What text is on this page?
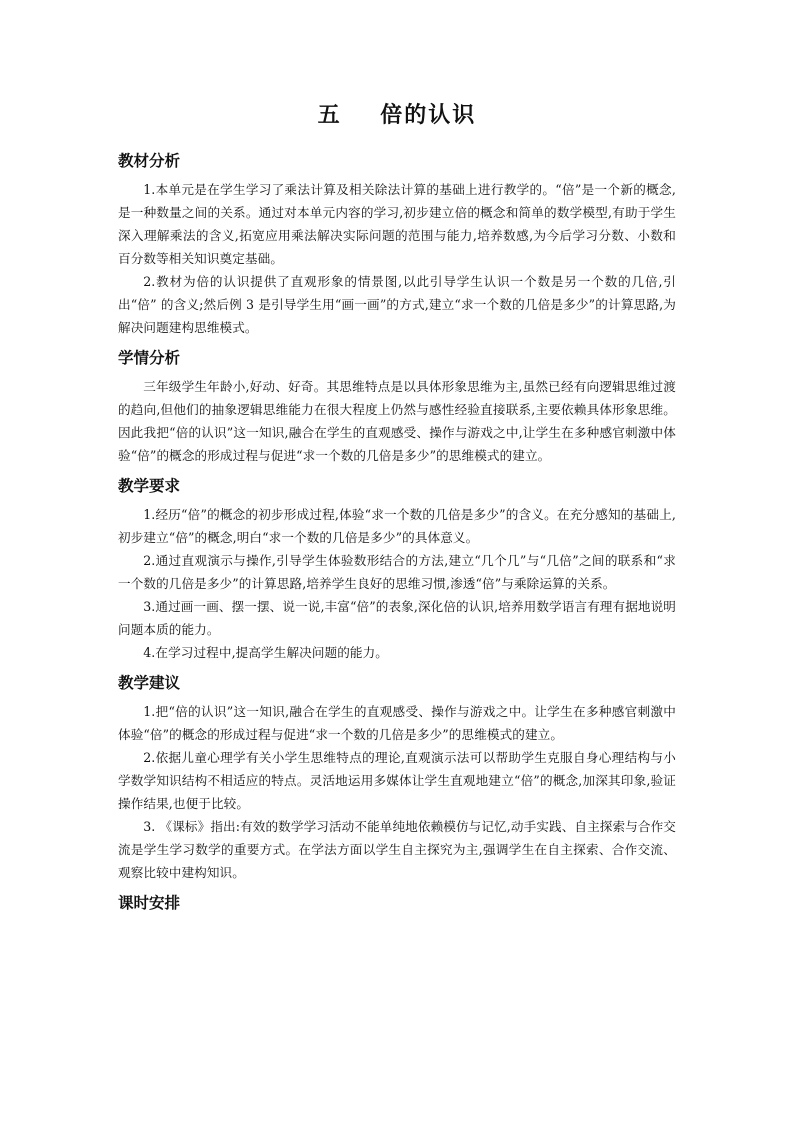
五    倍的认识
教材分析

1.本单元是在学生学习了乘法计算及相关除法计算的基础上进行教学的。“倍”是一个新的概念,是一种数量之间的关系。通过对本单元内容的学习,初步建立倍的概念和简单的数学模型,有助于学生深入理解乘法的含义,拓宽应用乘法解决实际问题的范围与能力,培养数感,为今后学习分数、小数和百分数等相关知识奠定基础。

2.教材为倍的认识提供了直观形象的情景图,以此引导学生认识一个数是另一个数的几倍,引出“倍” 的含义;然后例 3 是引导学生用“画一画”的方式,建立“求一个数的几倍是多少”的计算思路,为解决问题建构思维模式。

学情分析

三年级学生年龄小,好动、好奇。其思维特点是以具体形象思维为主,虽然已经有向逻辑思维过渡的趋向,但他们的抽象逻辑思维能力在很大程度上仍然与感性经验直接联系,主要依赖具体形象思维。因此我把“倍的认识”这一知识,融合在学生的直观感受、操作与游戏之中,让学生在多种感官刺激中体验“倍”的概念的形成过程与促进“求一个数的几倍是多少”的思维模式的建立。

教学要求

1.经历“倍”的概念的初步形成过程,体验“求一个数的几倍是多少”的含义。在充分感知的基础上,初步建立“倍”的概念,明白“求一个数的几倍是多少”的具体意义。

2.通过直观演示与操作,引导学生体验数形结合的方法,建立“几个几”与“几倍”之间的联系和“求一个数的几倍是多少”的计算思路,培养学生良好的思维习惯,渗透“倍”与乘除运算的关系。

3.通过画一画、摆一摆、说一说,丰富“倍”的表象,深化倍的认识,培养用数学语言有理有据地说明问题本质的能力。

4.在学习过程中,提高学生解决问题的能力。

教学建议

1.把“倍的认识”这一知识,融合在学生的直观感受、操作与游戏之中。让学生在多种感官刺激中体验“倍”的概念的形成过程与促进“求一个数的几倍是多少”的思维模式的建立。

2.依据儿童心理学有关小学生思维特点的理论,直观演示法可以帮助学生克服自身心理结构与小学数学知识结构不相适应的特点。灵活地运用多媒体让学生直观地建立“倍”的概念,加深其印象,验证操作结果,也便于比较。

3. 《课标》指出:有效的数学学习活动不能单纯地依赖模仿与记忆,动手实践、自主探索与合作交流是学生学习数学的重要方式。在学法方面以学生自主探究为主,强调学生在自主探索、合作交流、观察比较中建构知识。

课时安排
